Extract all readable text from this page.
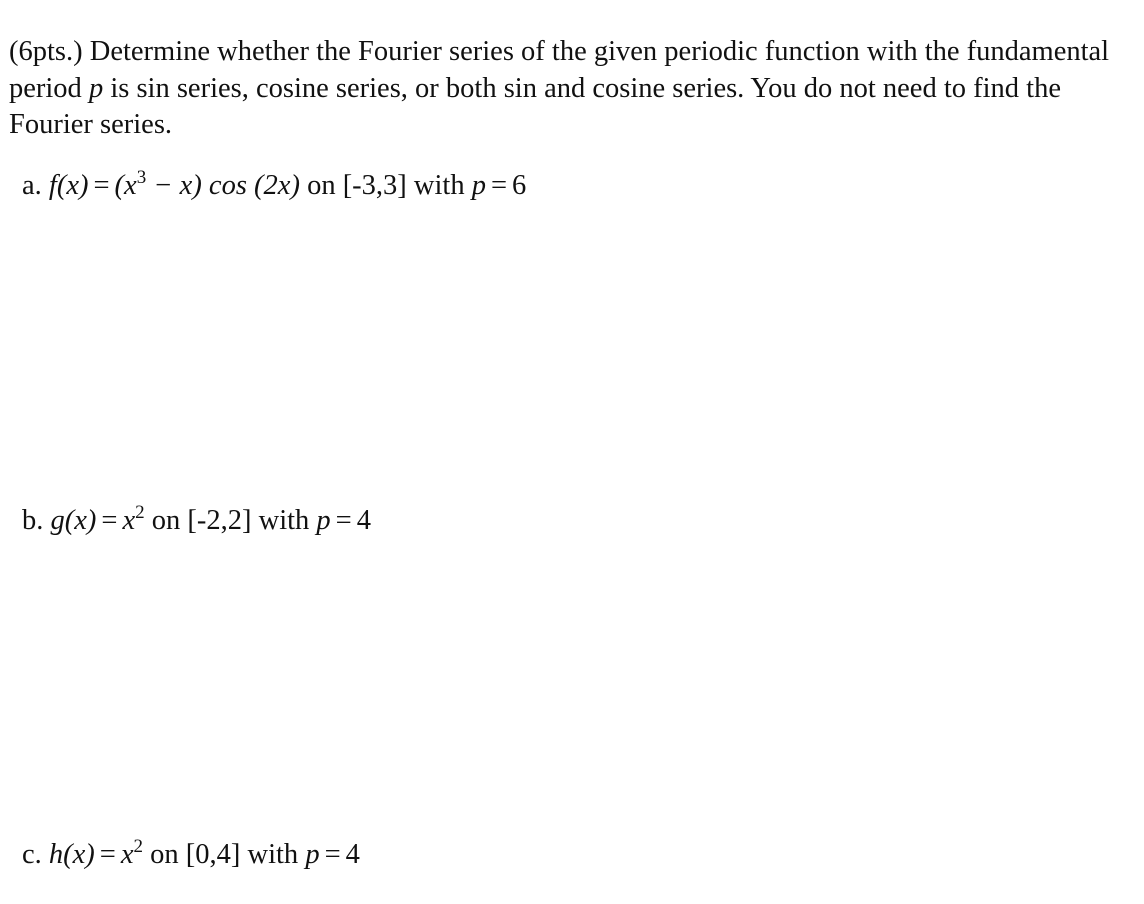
(6pts.) Determine whether the Fourier series of the given periodic function with the fundamental period p is sin series, cosine series, or both sin and cosine series. You do not need to find the Fourier series.

a. $f(x) = (x^3 - x)$ cos (2x) on [-3,3] with p = 6
b. $g(x) = x^2$ on [-2,2] with p = 4
c. $h(x) = x^2$ on [0,4] with p = 4
